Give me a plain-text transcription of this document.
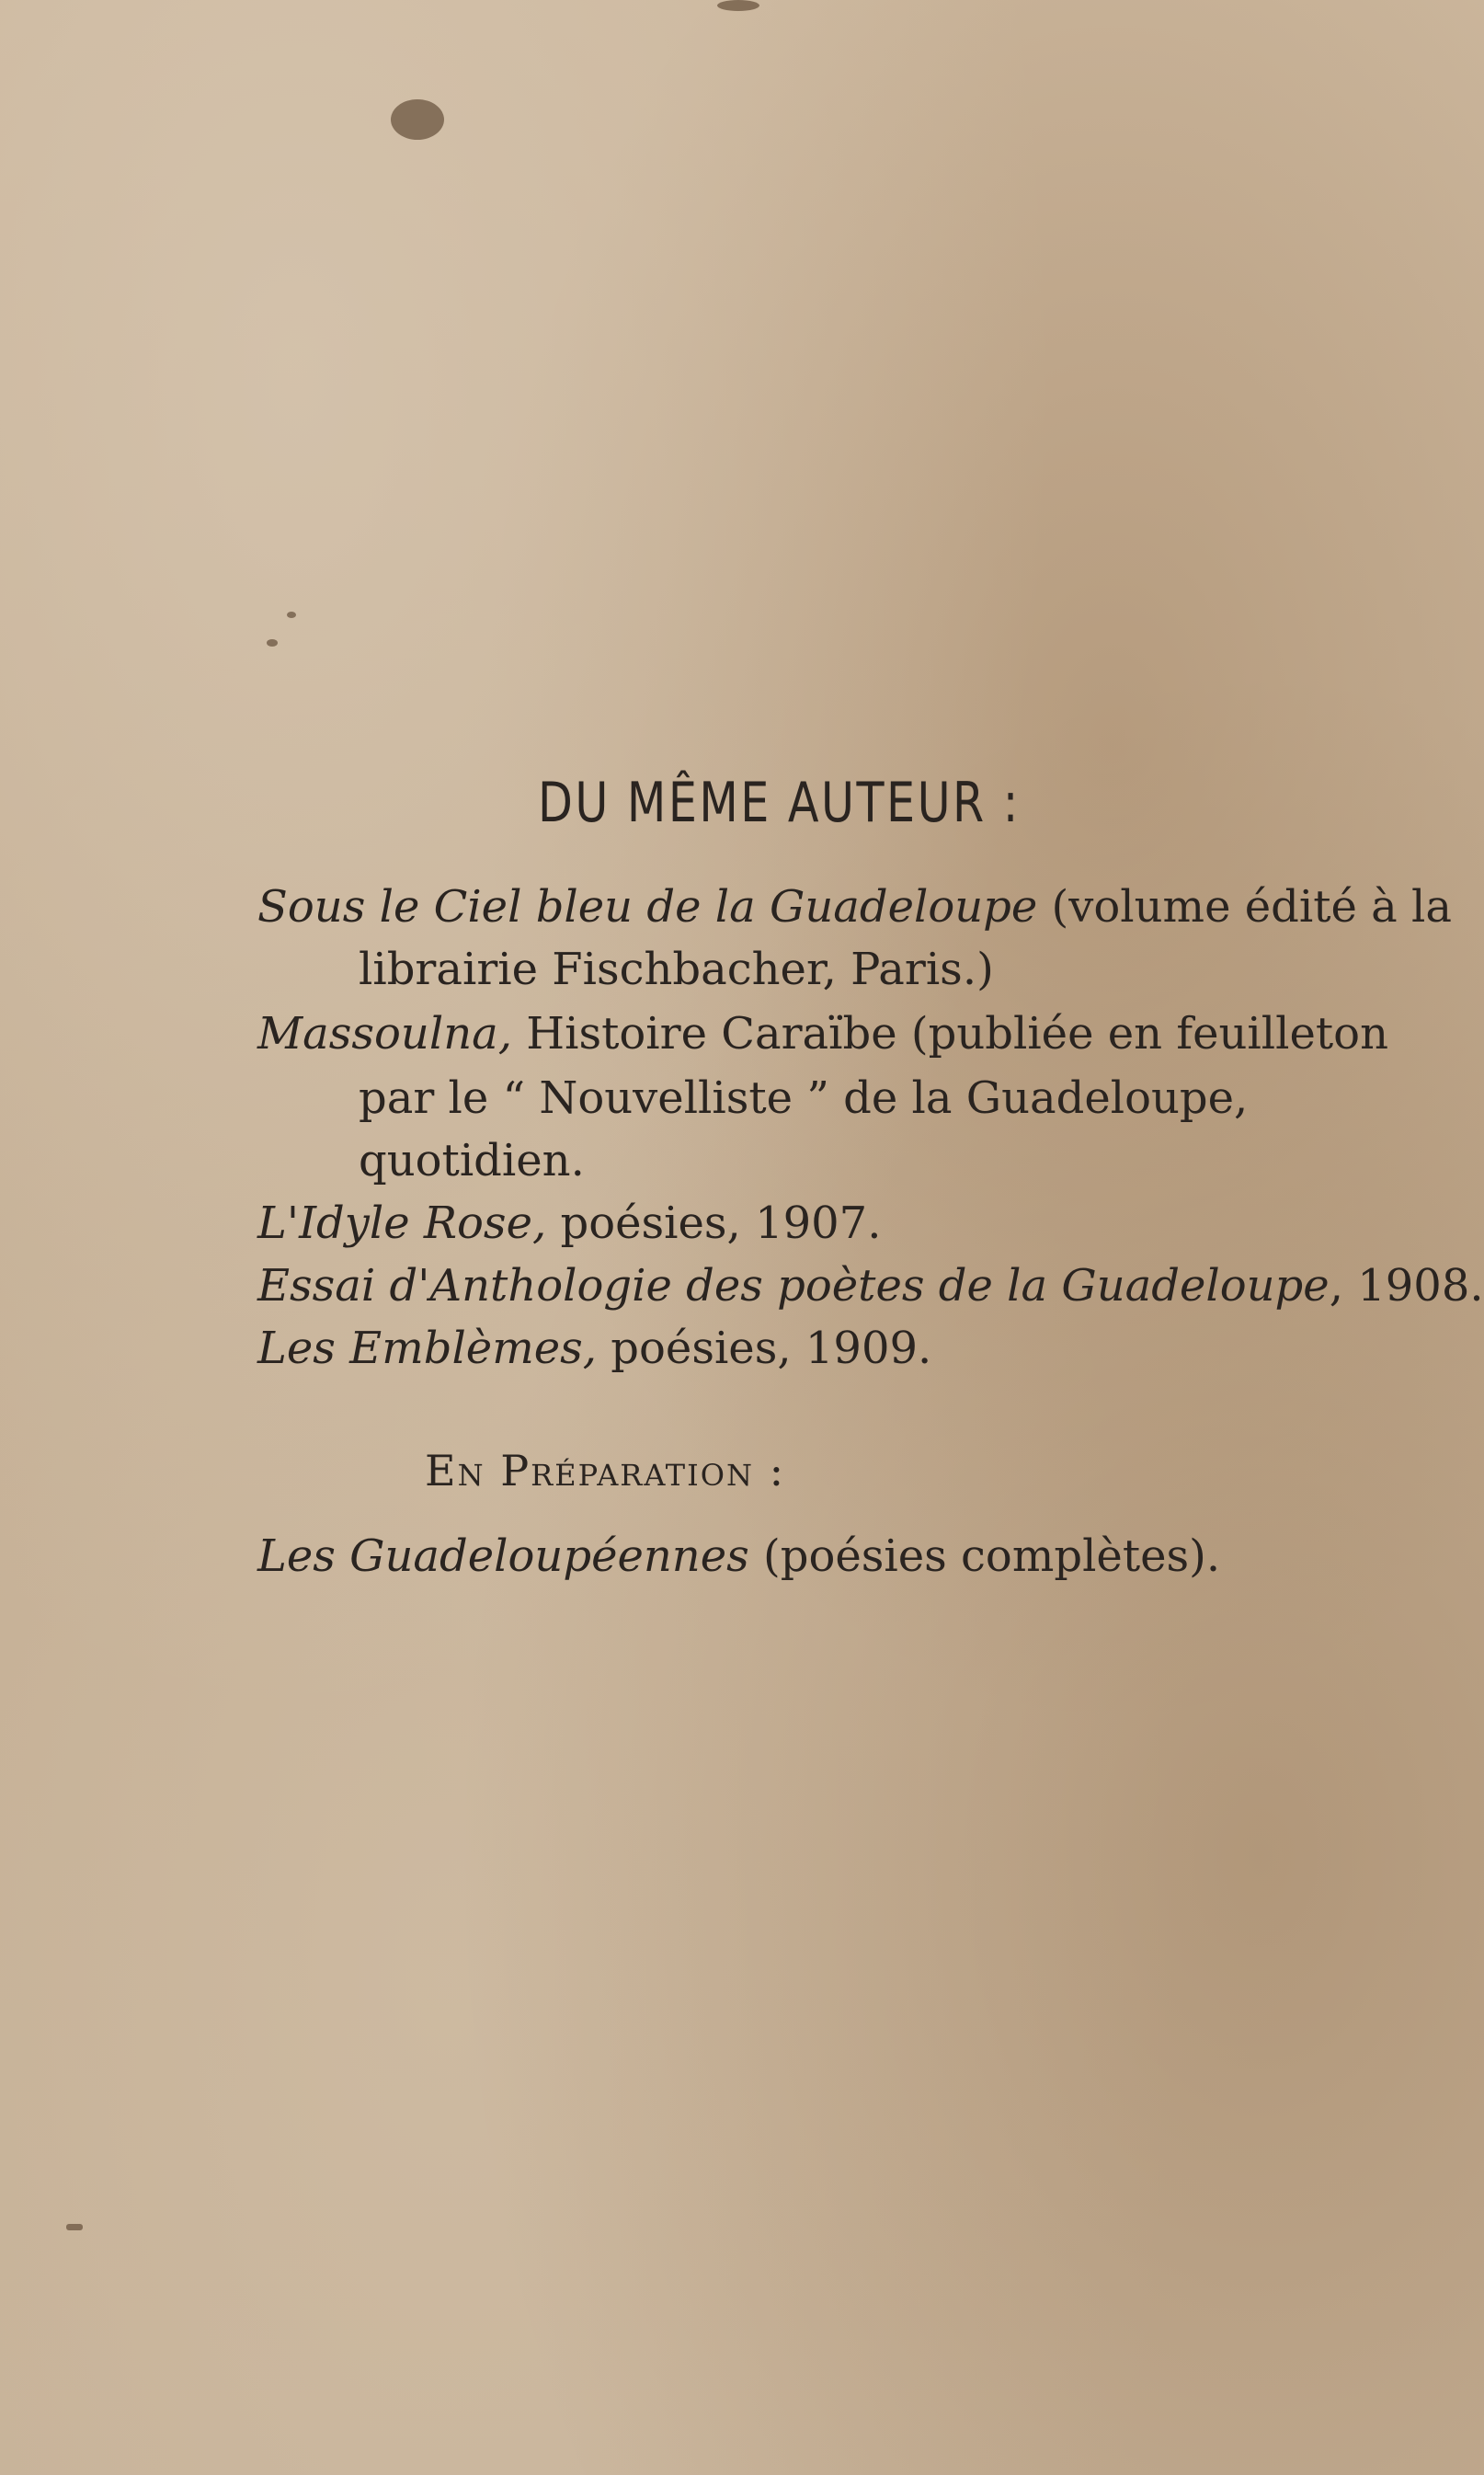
DU MÊME AUTEUR :
Sous le Ciel bleu de la Guadeloupe (volume édité à la
librairie Fischbacher, Paris.)
Massoulna, Histoire Caraïbe (publiée en feuilleton
par le “ Nouvelliste ” de la Guadeloupe,
quotidien.
L'Idyle Rose, poésies, 1907.
Essai d'Anthologie des poètes de la Guadeloupe, 1908.
Les Emblèmes, poésies, 1909.
En Préparation :
Les Guadeloupéennes (poésies complètes).
